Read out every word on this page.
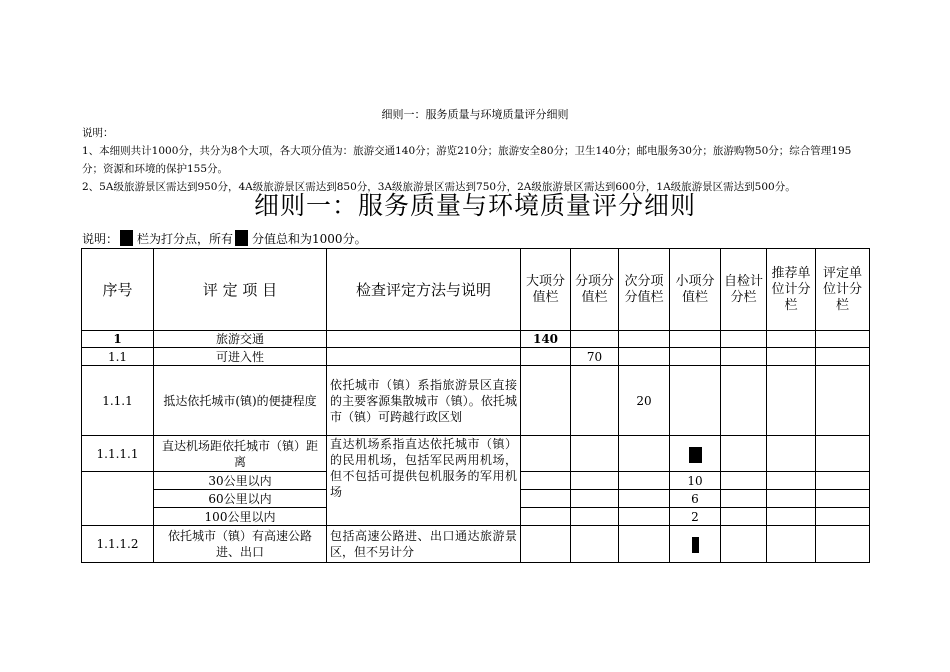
细则一：服务质量与环境质量评分细则
说明：
1、本细则共计1000分，共分为8个大项，各大项分值为：旅游交通140分；游览210分；旅游安全80分；卫生140分；邮电服务30分；旅游购物50分；综合管理195分；资源和环境的保护155分。
2、5A级旅游景区需达到950分，4A级旅游景区需达到850分，3A级旅游景区需达到750分，2A级旅游景区需达到600分，1A级旅游景区需达到500分。
细则一：服务质量与环境质量评分细则
说明： 栏为打分点，所有 分值总和为1000分。
序号	评 定 项 目	检查评定方法与说明	大项分值栏	分项分值栏	次分项分值栏	小项分值栏	自检计分栏	推荐单位计分栏	评定单位计分栏
1	旅游交通		140						
1.1	可进入性			70					
1.1.1	抵达依托城市(镇)的便捷程度	依托城市（镇）系指旅游景区直接的主要客源集散城市（镇）。依托城市（镇）可跨越行政区划			20				
1.1.1.1	直达机场距依托城市（镇）距离	直达机场系指直达依托城市（镇）的民用机场，包括军民两用机场，但不包括可提供包机服务的军用机场							
	30公里以内					10			
	60公里以内					6			
	100公里以内					2			
1.1.1.2	依托城市（镇）有高速公路进、出口	包括高速公路进、出口通达旅游景区，但不另计分							
